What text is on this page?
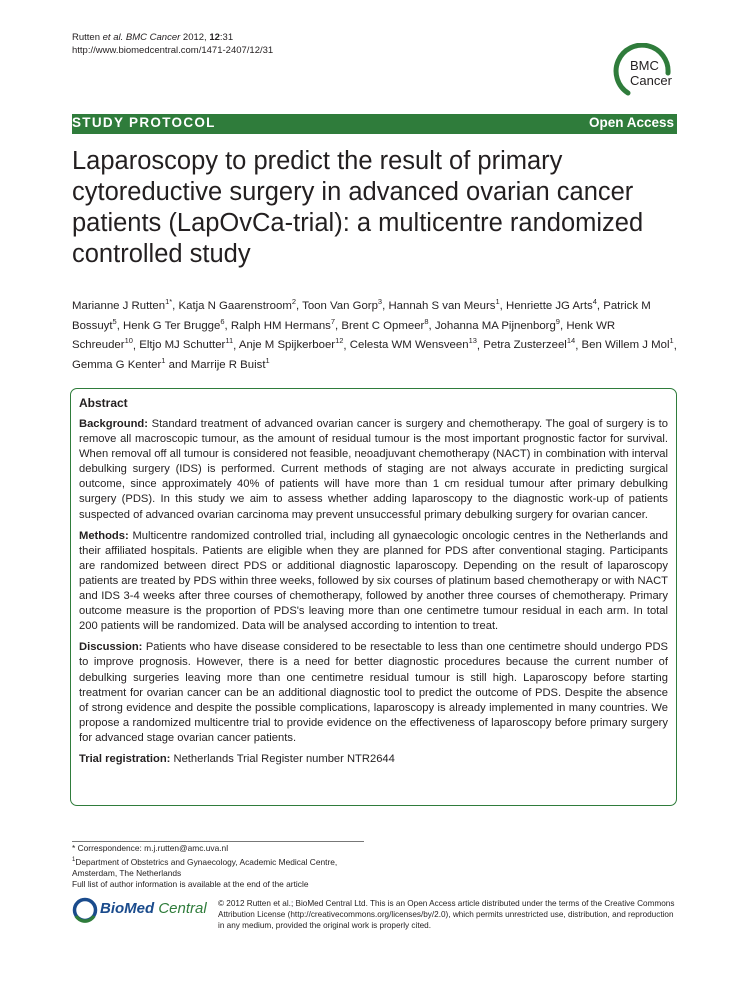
Rutten et al. BMC Cancer 2012, 12:31
http://www.biomedcentral.com/1471-2407/12/31
BMC
Cancer
STUDY PROTOCOL	Open Access
Laparoscopy to predict the result of primary cytoreductive surgery in advanced ovarian cancer patients (LapOvCa-trial): a multicentre randomized controlled study

Marianne J Rutten$^{1*}$, Katja N Gaarenstroom$^2$, Toon Van Gorp$^3$, Hannah S van Meurs$^1$, Henriette JG Arts$^4$, Patrick M Bossuyt$^5$, Henk G Ter Brugge$^6$, Ralph HM Hermans$^7$, Brent C Opmeer$^8$, Johanna MA Pijnenborg$^9$, Henk WR Schreuder$^{10}$, Eltjo MJ Schutter$^{11}$, Anje M Spijkerboer$^{12}$, Celesta WM Wensveen$^{13}$, Petra Zusterzeel$^{14}$, Ben Willem J Mol$^1$, Gemma G Kenter$^1$ and Marrije R Buist$^1$

Abstract

Background: Standard treatment of advanced ovarian cancer is surgery and chemotherapy. The goal of surgery is to remove all macroscopic tumour, as the amount of residual tumour is the most important prognostic factor for survival. When removal off all tumour is considered not feasible, neoadjuvant chemotherapy (NACT) in combination with interval debulking surgery (IDS) is performed. Current methods of staging are not always accurate in predicting surgical outcome, since approximately 40% of patients will have more than 1 cm residual tumour after primary debulking surgery (PDS). In this study we aim to assess whether adding laparoscopy to the diagnostic work-up of patients suspected of advanced ovarian carcinoma may prevent unsuccessful primary debulking surgery for ovarian cancer.

Methods: Multicentre randomized controlled trial, including all gynaecologic oncologic centres in the Netherlands and their affiliated hospitals. Patients are eligible when they are planned for PDS after conventional staging. Participants are randomized between direct PDS or additional diagnostic laparoscopy. Depending on the result of laparoscopy patients are treated by PDS within three weeks, followed by six courses of platinum based chemotherapy or with NACT and IDS 3-4 weeks after three courses of chemotherapy, followed by another three courses of chemotherapy. Primary outcome measure is the proportion of PDS's leaving more than one centimetre tumour residual in each arm. In total 200 patients will be randomized. Data will be analysed according to intention to treat.

Discussion: Patients who have disease considered to be resectable to less than one centimetre should undergo PDS to improve prognosis. However, there is a need for better diagnostic procedures because the current number of debulking surgeries leaving more than one centimetre residual tumour is still high. Laparoscopy before starting treatment for ovarian cancer can be an additional diagnostic tool to predict the outcome of PDS. Despite the absence of strong evidence and despite the possible complications, laparoscopy is already implemented in many countries. We propose a randomized multicentre trial to provide evidence on the effectiveness of laparoscopy before primary surgery for advanced stage ovarian cancer patients.

Trial registration: Netherlands Trial Register number NTR2644

* Correspondence: m.j.rutten@amc.uva.nl
$^1$Department of Obstetrics and Gynaecology, Academic Medical Centre,
Amsterdam, The Netherlands
Full list of author information is available at the end of the article
BioMed Central © 2012 Rutten et al.; BioMed Central Ltd. This is an Open Access article distributed under the terms of the Creative Commons Attribution License (http://creativecommons.org/licenses/by/2.0), which permits unrestricted use, distribution, and reproduction in any medium, provided the original work is properly cited.
